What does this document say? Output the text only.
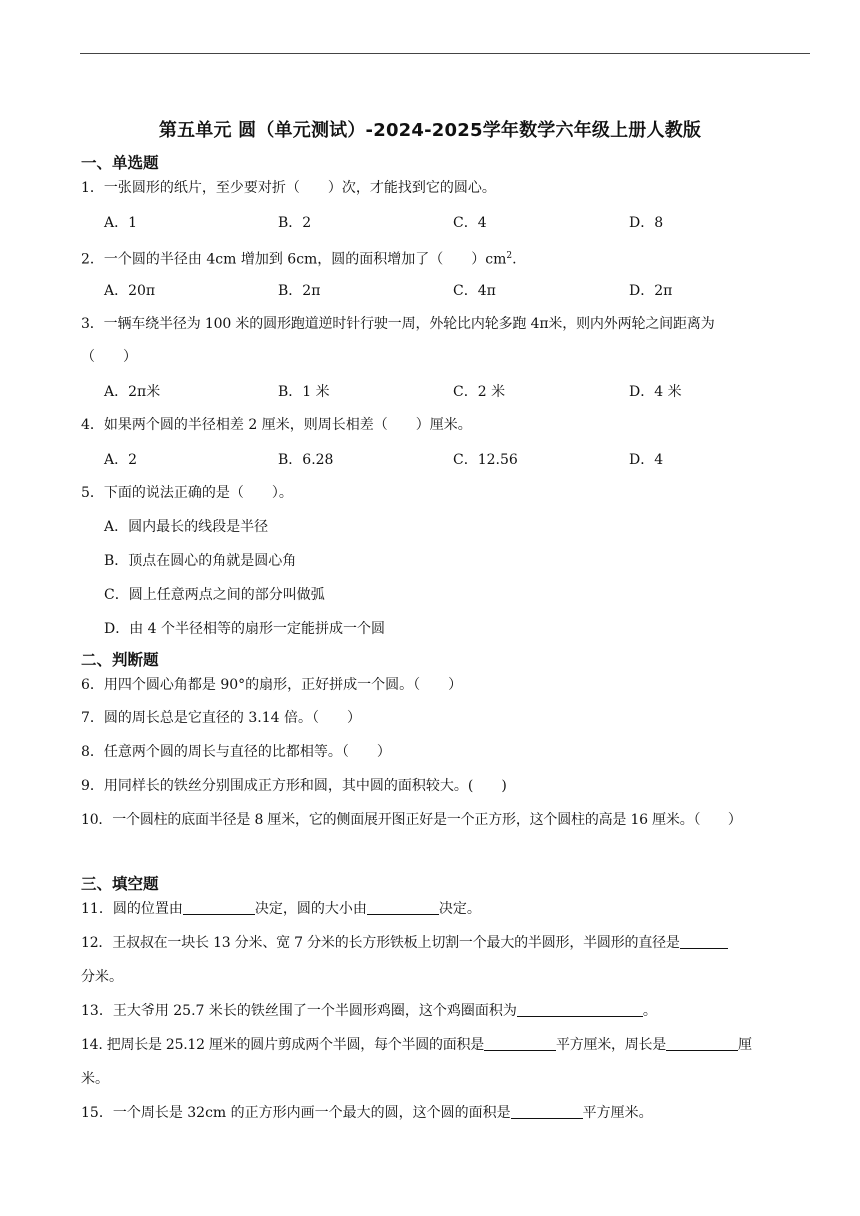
第五单元 圆（单元测试）-2024-2025学年数学六年级上册人教版
一、单选题
1．一张圆形的纸片，至少要对折（　　）次，才能找到它的圆心。
A．1	B．2	C．4	D．8
2．一个圆的半径由 4cm 增加到 6cm，圆的面积增加了（　　）$cm^2$.
A．20π	B．2π	C．4π	D．2π
3．一辆车绕半径为 100 米的圆形跑道逆时针行驶一周，外轮比内轮多跑 4π米，则内外两轮之间距离为
（　　）
A．2π米	B．1 米	C．2 米	D．4 米
4．如果两个圆的半径相差 2 厘米，则周长相差（　　）厘米。
A．2	B．6.28	C．12.56	D．4
5．下面的说法正确的是（　　）。
A．圆内最长的线段是半径
B．顶点在圆心的角就是圆心角
C．圆上任意两点之间的部分叫做弧
D．由 4 个半径相等的扇形一定能拼成一个圆
二、判断题
6．用四个圆心角都是 90°的扇形，正好拼成一个圆。（　　）
7．圆的周长总是它直径的 3.14 倍。（　　）
8．任意两个圆的周长与直径的比都相等。（　　）
9．用同样长的铁丝分别围成正方形和圆，其中圆的面积较大。(　　)
10．一个圆柱的底面半径是 8 厘米，它的侧面展开图正好是一个正方形，这个圆柱的高是 16 厘米。（　　）
三、填空题
11．圆的位置由	决定，圆的大小由	决定。
12．王叔叔在一块长 13 分米、宽 7 分米的长方形铁板上切割一个最大的半圆形，半圆形的直径是
分米。
13．王大爷用 25.7 米长的铁丝围了一个半圆形鸡圈，这个鸡圈面积为	。
14. 把周长是 25.12 厘米的圆片剪成两个半圆，每个半圆的面积是	平方厘米，周长是	厘
米。
15．一个周长是 32cm 的正方形内画一个最大的圆，这个圆的面积是	平方厘米。
